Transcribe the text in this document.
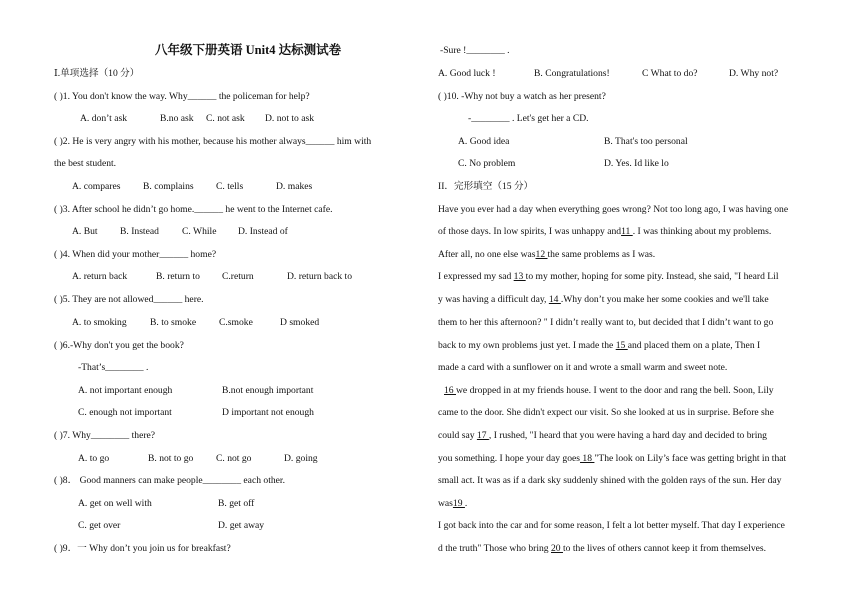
八年级下册英语 Unit4 达标测试卷
Ⅰ.单项选择（10 分）
( )1. You don't know the way. Why______ the policeman for help?
A. don’t ask	B.no ask C. not ask D. not to ask
( )2. He is very angry with his mother, because his mother always______ him with
the best student.
A. compares B. complains C. tells	D. makes
( )3. After school he didn’t go home.______ he went to the Internet cafe.
A. But B. Instead C. While D. Instead of
( )4. When did your mother______ home?
A. return back	B. return to C.return	D. return back to
( )5. They are not allowed______ here.
A. to smoking B. to smoke C.smoke	D smoked
( )6.-Why don't you get the book?
-That’s________ .
A. not important enough	B.not enough important
C. enough not important	D important not enough
( )7. Why________ there?
A. to go	B. not to go C. not go	D. going
( )8． Good manners can make people________ each other.
A. get on well with	B. get off
C. get over	D. get away
( )9．一 Why don’t you join us for breakfast?
-Sure !________ .
A. Good luck !	B. Congratulations!	C What to do?	D. Why not?
( )10. -Why not buy a watch as her present?
-________ . Let's get her a CD.
A. Good idea	B. That's too personal
C. No problem	D. Yes. Id like lo
II．完形填空（15 分）
Have you ever had a day when everything goes wrong? Not too long ago, I was having one
of those days. In low spirits, I was unhappy and11 . I was thinking about my problems.
After all, no one else was12 the same problems as I was.
I expressed my sad 13 to my mother, hoping for some pity. Instead, she said, "I heard Lil
y was having a difficult day, 14 .Why don’t you make her some cookies and we'll take
them to her this afternoon? " I didn’t really want to, but decided that I didn’t want to go
back to my own problems just yet. I made the 15 and placed them on a plate, Then I
made a card with a sunflower on it and wrote a small warm and sweet note.
16 we dropped in at my friends house. I went to the door and rang the bell. Soon, Lily
came to the door. She didn't expect our visit. So she looked at us in surprise. Before she
could say 17 , I rushed, "I heard that you were having a hard day and decided to bring
you something. I hope your day goes 18 "The look on Lily’s face was getting bright in that
small act. It was as if a dark sky suddenly shined with the golden rays of the sun. Her day
was19 .
I got back into the car and for some reason, I felt a lot better myself. That day I experience
d the truth" Those who bring 20 to the lives of others cannot keep it from themselves.
